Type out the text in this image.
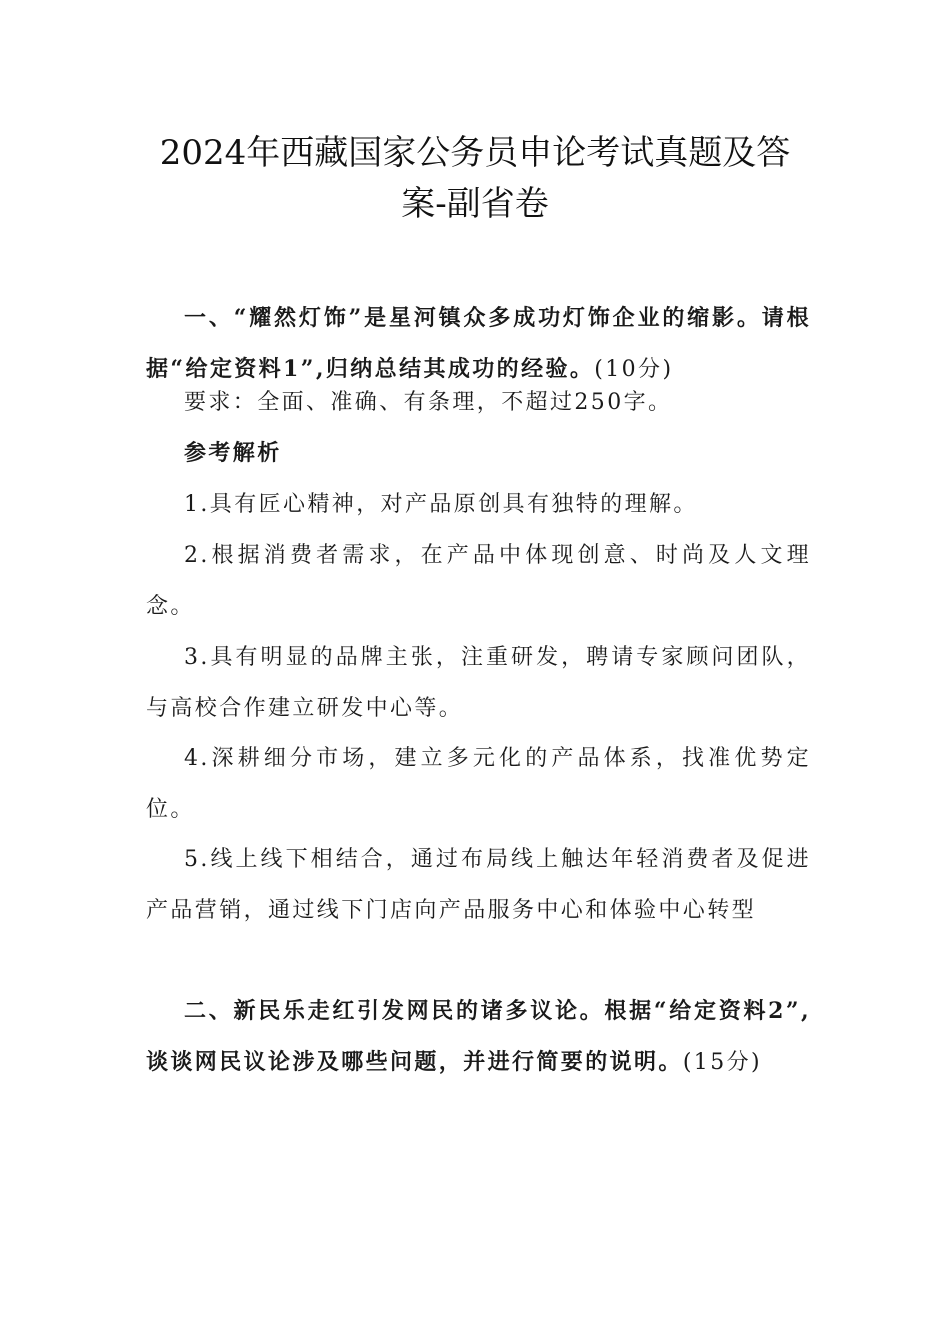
2024年西藏国家公务员申论考试真题及答案-副省卷

一、“耀然灯饰”是星河镇众多成功灯饰企业的缩影。请根据“给定资料1”,归纳总结其成功的经验。(10分)

要求：全面、准确、有条理，不超过250字。

参考解析

1.具有匠心精神，对产品原创具有独特的理解。

2.根据消费者需求，在产品中体现创意、时尚及人文理念。

3.具有明显的品牌主张，注重研发，聘请专家顾问团队，与高校合作建立研发中心等。

4.深耕细分市场，建立多元化的产品体系，找准优势定位。

5.线上线下相结合，通过布局线上触达年轻消费者及促进产品营销，通过线下门店向产品服务中心和体验中心转型

二、新民乐走红引发网民的诸多议论。根据“给定资料2”,谈谈网民议论涉及哪些问题，并进行简要的说明。(15分)
